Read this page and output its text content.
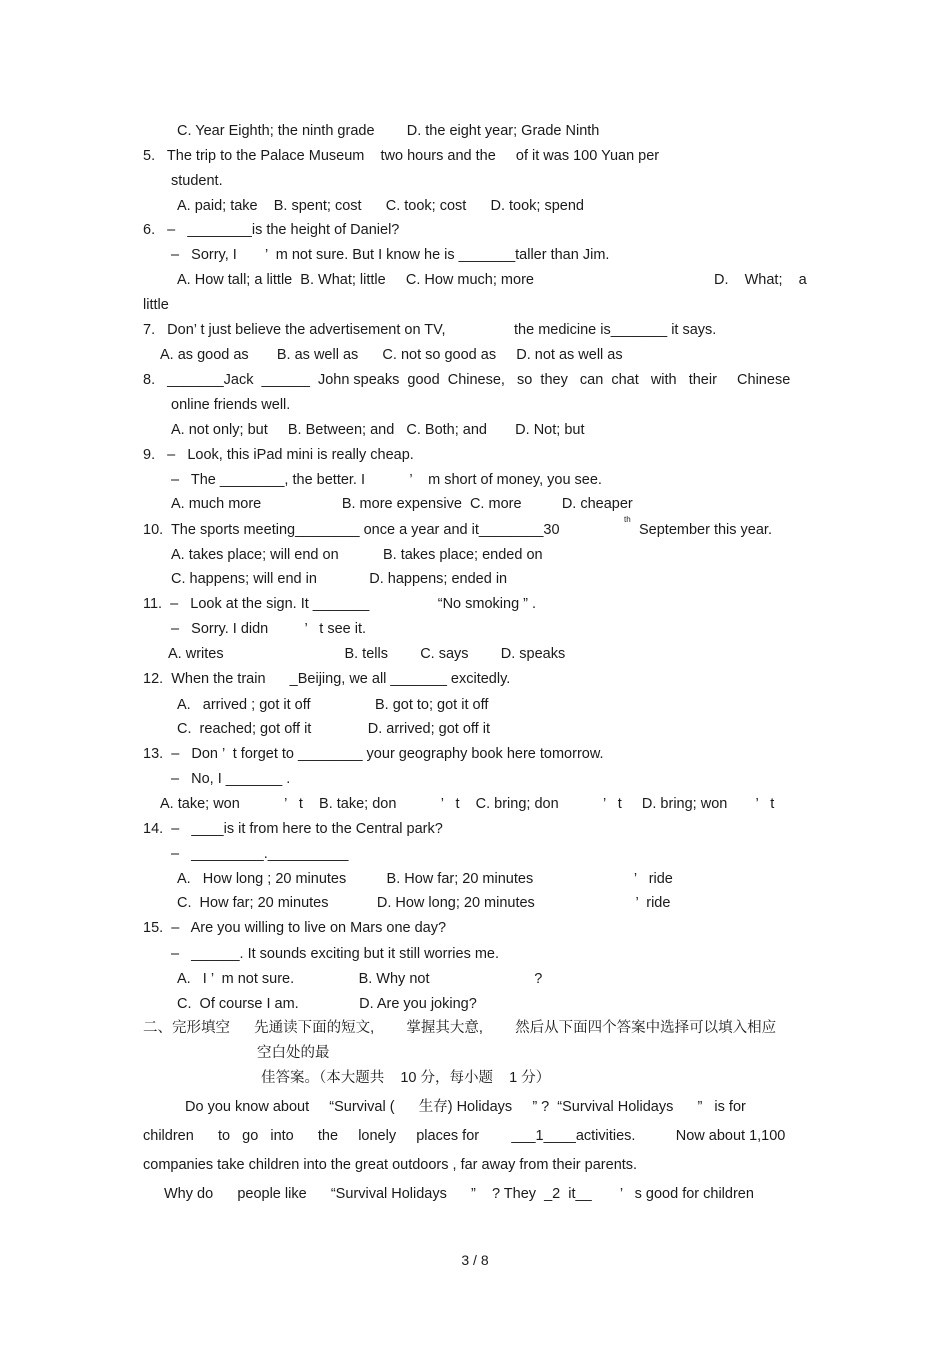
C. Year Eighth; the ninth grade        D. the eight year; Grade Ninth
5.   The trip to the Palace Museum    two hours and the     of it was 100 Yuan per
student.
A. paid; take    B. spent; cost      C. took; cost      D. took; spend
6.   –   ________is the height of Daniel?
–   Sorry, I       ’  m not sure. But I know he is _______taller than Jim.
A. How tall; a little  B. What; little     C. How much; more	D.    What;    a
little
7.   Don’ t just believe the advertisement on TV,                 the medicine is_______ it says.
A. as good as       B. as well as      C. not so good as     D. not as well as
8.   _______Jack  ______  John speaks  good  Chinese,   so  they   can  chat   with   their     Chinese
online friends well.
A. not only; but     B. Between; and   C. Both; and       D. Not; but
9.   –   Look, this iPad mini is really cheap.
–   The ________, the better. I           ’    m short of money, you see.
A. much more                    B. more expensive  C. more          D. cheaper
10.  The sports meeting________ once a year and it________30
th
September this year.
A. takes place; will end on           B. takes place; ended on
C. happens; will end in             D. happens; ended in
11.  –   Look at the sign. It _______                 “No smoking ” .
–   Sorry. I didn         ’   t see it.
A. writes                              B. tells        C. says        D. speaks
12.  When the train      _Beijing, we all _______ excitedly.
A.   arrived ; got it off                B. got to; got it off
C.  reached; got off it              D. arrived; got off it
13.  –   Don ’  t forget to ________ your geography book here tomorrow.
–   No, I _______ .
A. take; won           ’   t    B. take; don           ’   t    C. bring; don           ’   t     D. bring; won       ’   t
14.  –   ____is it from here to the Central park?
–   _________.__________
A.   How long ; 20 minutes          B. How far; 20 minutes                         ’   ride
C.  How far; 20 minutes            D. How long; 20 minutes                         ’  ride
15.  –   Are you willing to live on Mars one day?
–   ______. It sounds exciting but it still worries me.
A.   I ’  m not sure.                B. Why not                          ?
C.  Of course I am.               D. Are you joking?
二、完形填空      先通读下面的短文,        掌握其大意,        然后从下面四个答案中选择可以填入相应
空白处的最
佳答案。（本大题共    10 分，每小题    1 分）
Do you know about     “Survival (      生存) Holidays     ” ?  “Survival Holidays      ”   is for
children      to   go   into      the     lonely     places for        ___1____activities.          Now about 1,100
companies take children into the great outdoors , far away from their parents.
Why do      people like      “Survival Holidays      ”    ? They  _2  it__       ’   s good for children
3 / 8
